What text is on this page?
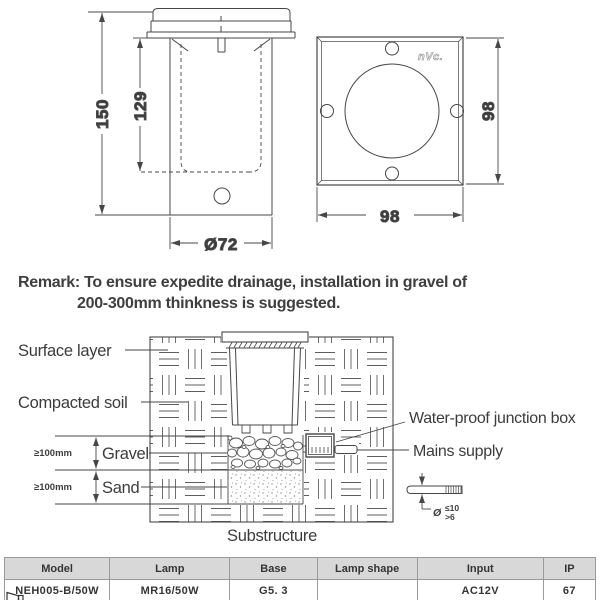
150 129
Ø72
nVc.
98
98
Remark: To ensure expedite drainage, installation in gravel of
200-300mm thinkness is suggested.
Surface layer
Compacted soil
≥100mm Gravel
≥100mm Sand
Substructure
Water-proof junction box
Mains supply
Ø ≤10
>6
Model	Lamp	Base	Lamp shape	Input	IP
NEH005-B/50W	MR16/50W	G5. 3		AC12V	67
